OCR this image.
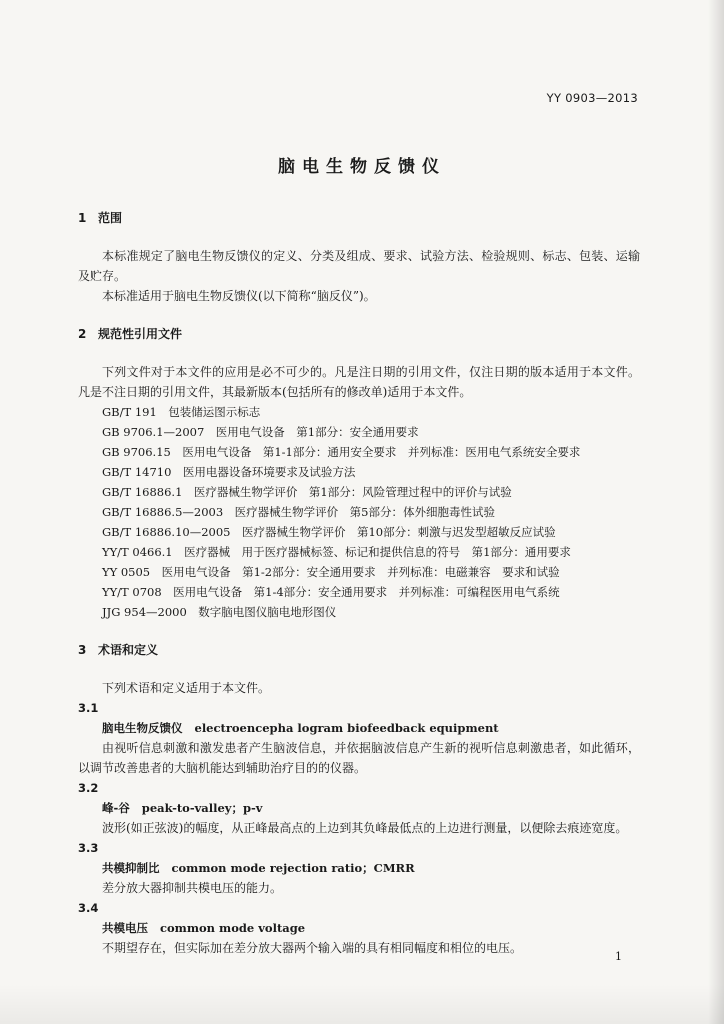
YY 0903—2013
脑电生物反馈仪
1 范围

本标准规定了脑电生物反馈仪的定义、分类及组成、要求、试验方法、检验规则、标志、包装、运输及贮存。

本标准适用于脑电生物反馈仪(以下简称“脑反仪”)。

2 规范性引用文件

下列文件对于本文件的应用是必不可少的。凡是注日期的引用文件，仅注日期的版本适用于本文件。凡是不注日期的引用文件，其最新版本(包括所有的修改单)适用于本文件。

GB/T 191　包装储运图示标志
GB 9706.1—2007　医用电气设备　第1部分：安全通用要求
GB 9706.15　医用电气设备　第1-1部分：通用安全要求　并列标准：医用电气系统安全要求
GB/T 14710　医用电器设备环境要求及试验方法
GB/T 16886.1　医疗器械生物学评价　第1部分：风险管理过程中的评价与试验
GB/T 16886.5—2003　医疗器械生物学评价　第5部分：体外细胞毒性试验
GB/T 16886.10—2005　医疗器械生物学评价　第10部分：刺激与迟发型超敏反应试验
YY/T 0466.1　医疗器械　用于医疗器械标签、标记和提供信息的符号　第1部分：通用要求
YY 0505　医用电气设备　第1-2部分：安全通用要求　并列标准：电磁兼容　要求和试验
YY/T 0708　医用电气设备　第1-4部分：安全通用要求　并列标准：可编程医用电气系统
JJG 954—2000　数字脑电图仪脑电地形图仪
3 术语和定义

下列术语和定义适用于本文件。

3.1
脑电生物反馈仪 electroencepha logram biofeedback equipment

由视听信息刺激和激发患者产生脑波信息，并依据脑波信息产生新的视听信息刺激患者，如此循环，以调节改善患者的大脑机能达到辅助治疗目的的仪器。

3.2
峰-谷 peak-to-valley；p-v

波形(如正弦波)的幅度，从正峰最高点的上边到其负峰最低点的上边进行测量，以便除去痕迹宽度。

3.3
共模抑制比 common mode rejection ratio；CMRR

差分放大器抑制共模电压的能力。

3.4
共模电压 common mode voltage

不期望存在，但实际加在差分放大器两个输入端的具有相同幅度和相位的电压。

1
